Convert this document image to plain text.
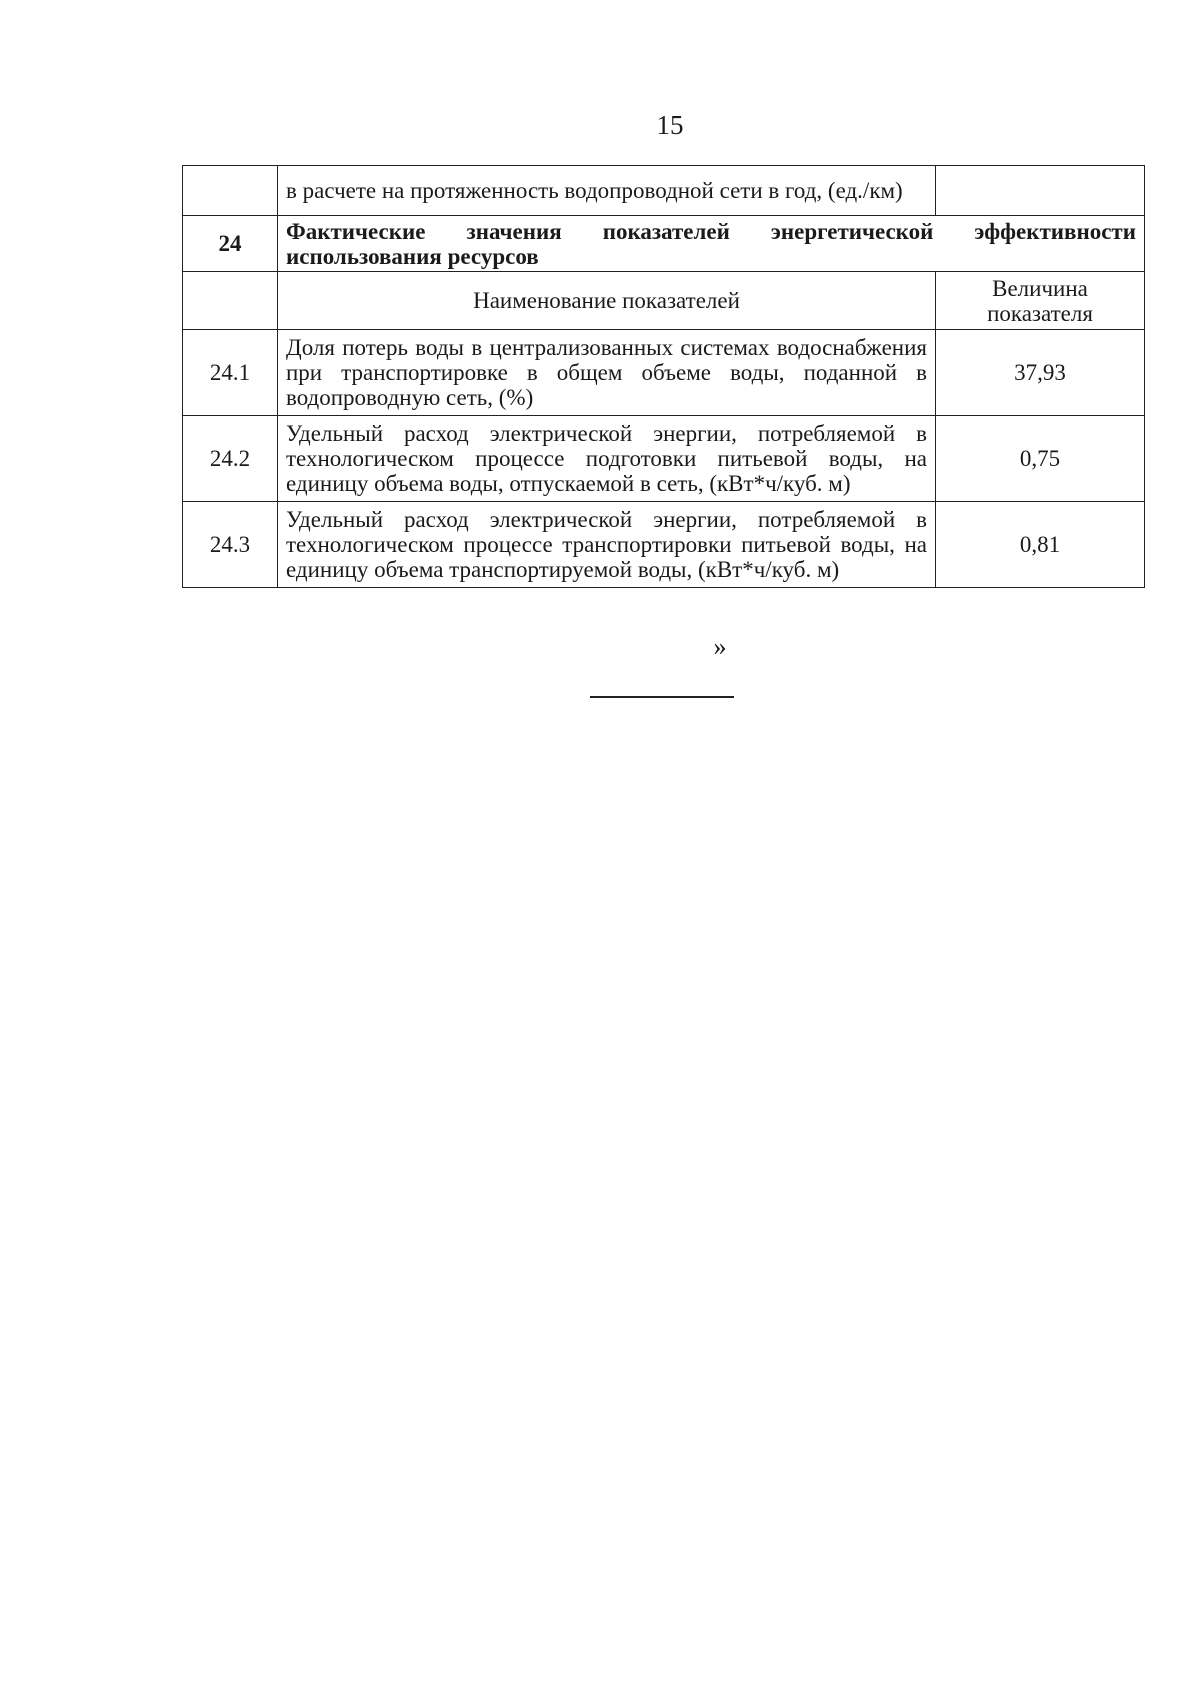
15
	в расчете на протяженность водопроводной сети в год, (ед./км)	
24	Фактические значения показателей энергетической эффективности использования ресурсов	
	Наименование показателей	Величина показателя
24.1	Доля потерь воды в централизованных системах водоснабжения при транспортировке в общем объеме воды, поданной в водопроводную сеть, (%)	37,93
24.2	Удельный расход электрической энергии, потребляемой в технологическом процессе подготовки питьевой воды, на единицу объема воды, отпускаемой в сеть, (кВт*ч/куб. м)	0,75
24.3	Удельный расход электрической энергии, потребляемой в технологическом процессе транспортировки питьевой воды, на единицу объема транспортируемой воды, (кВт*ч/куб. м)	0,81
»
